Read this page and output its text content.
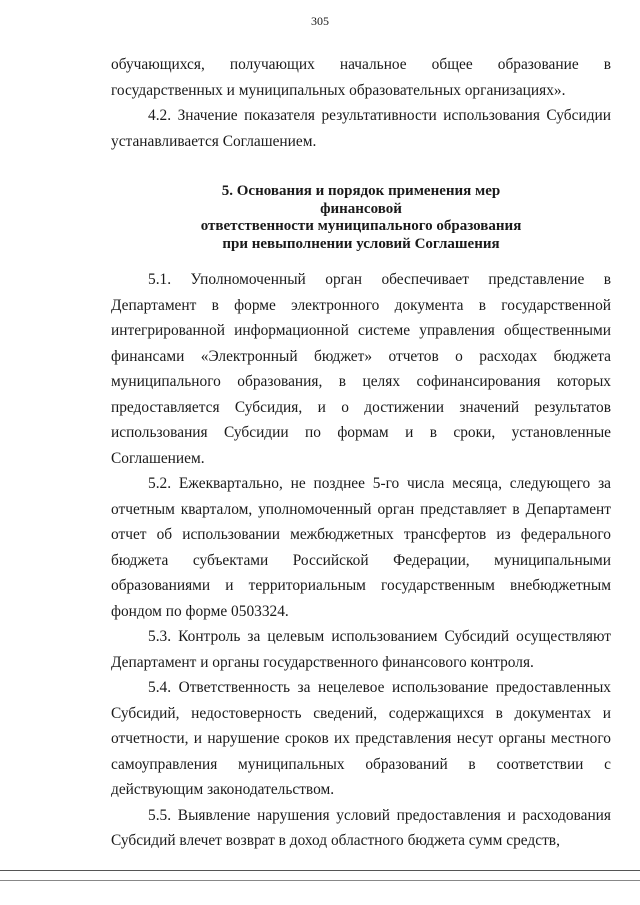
305

обучающихся, получающих начальное общее образование в государственных и муниципальных образовательных организациях».

4.2. Значение показателя результативности использования Субсидии устанавливается Соглашением.

5. Основания и порядок применения мер финансовой
ответственности муниципального образования
при невыполнении условий Соглашения

5.1. Уполномоченный орган обеспечивает представление в Департамент в форме электронного документа в государственной интегрированной информационной системе управления общественными финансами «Электронный бюджет» отчетов о расходах бюджета муниципального образования, в целях софинансирования которых предоставляется Субсидия, и о достижении значений результатов использования Субсидии по формам и в сроки, установленные Соглашением.

5.2. Ежеквартально, не позднее 5-го числа месяца, следующего за отчетным кварталом, уполномоченный орган представляет в Департамент отчет об использовании межбюджетных трансфертов из федерального бюджета субъектами Российской Федерации, муниципальными образованиями и территориальным государственным внебюджетным фондом по форме 0503324.

5.3. Контроль за целевым использованием Субсидий осуществляют Департамент и органы государственного финансового контроля.

5.4. Ответственность за нецелевое использование предоставленных Субсидий, недостоверность сведений, содержащихся в документах и отчетности, и нарушение сроков их представления несут органы местного самоуправления муниципальных образований в соответствии с действующим законодательством.

5.5. Выявление нарушения условий предоставления и расходования Субсидий влечет возврат в доход областного бюджета сумм средств,
